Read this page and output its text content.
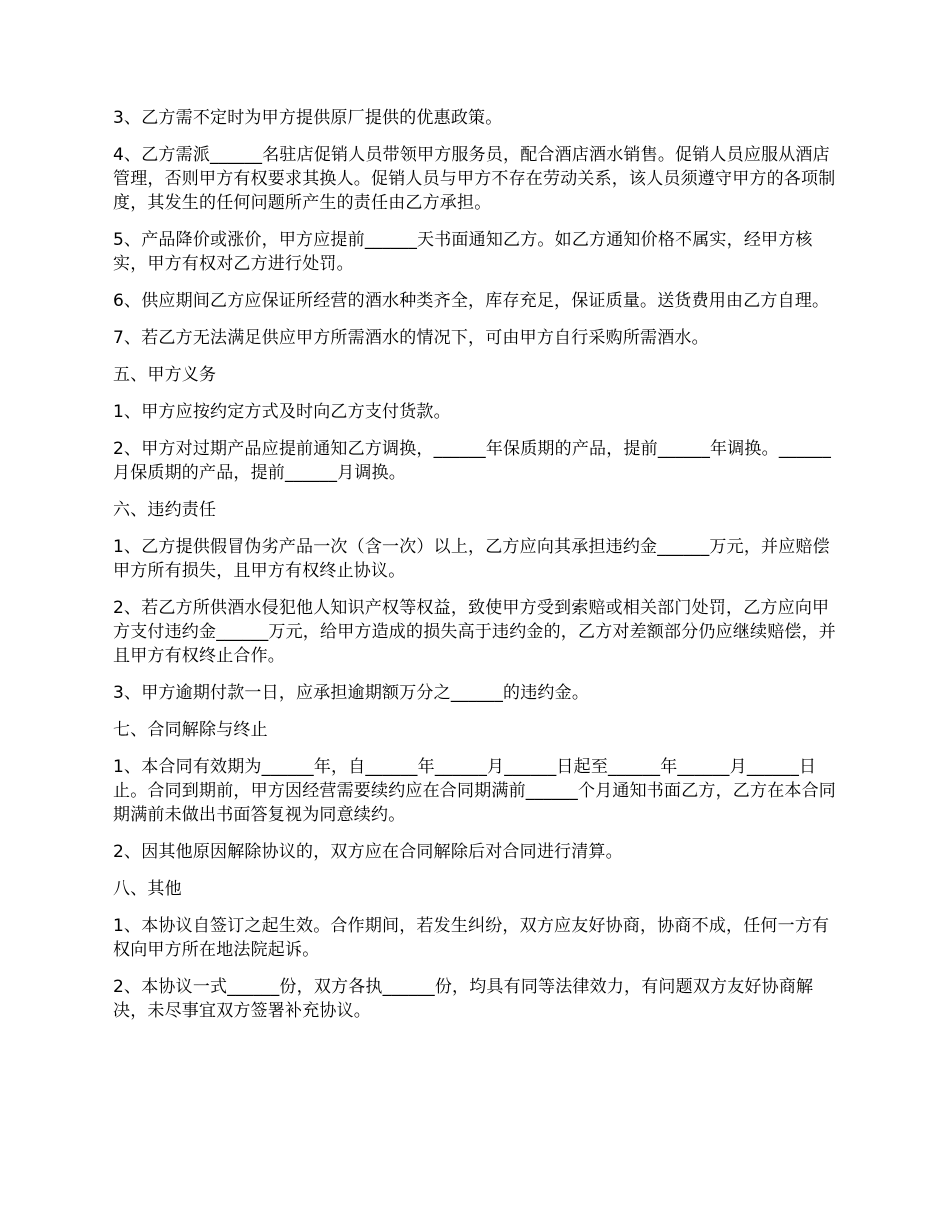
3、乙方需不定时为甲方提供原厂提供的优惠政策。

4、乙方需派______名驻店促销人员带领甲方服务员，配合酒店酒水销售。促销人员应服从酒店管理，否则甲方有权要求其换人。促销人员与甲方不存在劳动关系，该人员须遵守甲方的各项制度，其发生的任何问题所产生的责任由乙方承担。

5、产品降价或涨价，甲方应提前______天书面通知乙方。如乙方通知价格不属实，经甲方核实，甲方有权对乙方进行处罚。

6、供应期间乙方应保证所经营的酒水种类齐全，库存充足，保证质量。送货费用由乙方自理。

7、若乙方无法满足供应甲方所需酒水的情况下，可由甲方自行采购所需酒水。

五、甲方义务

1、甲方应按约定方式及时向乙方支付货款。

2、甲方对过期产品应提前通知乙方调换，______年保质期的产品，提前______年调换。______月保质期的产品，提前______月调换。

六、违约责任

1、乙方提供假冒伪劣产品一次（含一次）以上，乙方应向其承担违约金______万元，并应赔偿甲方所有损失，且甲方有权终止协议。

2、若乙方所供酒水侵犯他人知识产权等权益，致使甲方受到索赔或相关部门处罚，乙方应向甲方支付违约金______万元，给甲方造成的损失高于违约金的，乙方对差额部分仍应继续赔偿，并且甲方有权终止合作。

3、甲方逾期付款一日，应承担逾期额万分之______的违约金。

七、合同解除与终止

1、本合同有效期为______年，自______年______月______日起至______年______月______日止。合同到期前，甲方因经营需要续约应在合同期满前______个月通知书面乙方，乙方在本合同期满前未做出书面答复视为同意续约。

2、因其他原因解除协议的，双方应在合同解除后对合同进行清算。

八、其他

1、本协议自签订之起生效。合作期间，若发生纠纷，双方应友好协商，协商不成，任何一方有权向甲方所在地法院起诉。

2、本协议一式______份，双方各执______份，均具有同等法律效力，有问题双方友好协商解决，未尽事宜双方签署补充协议。
